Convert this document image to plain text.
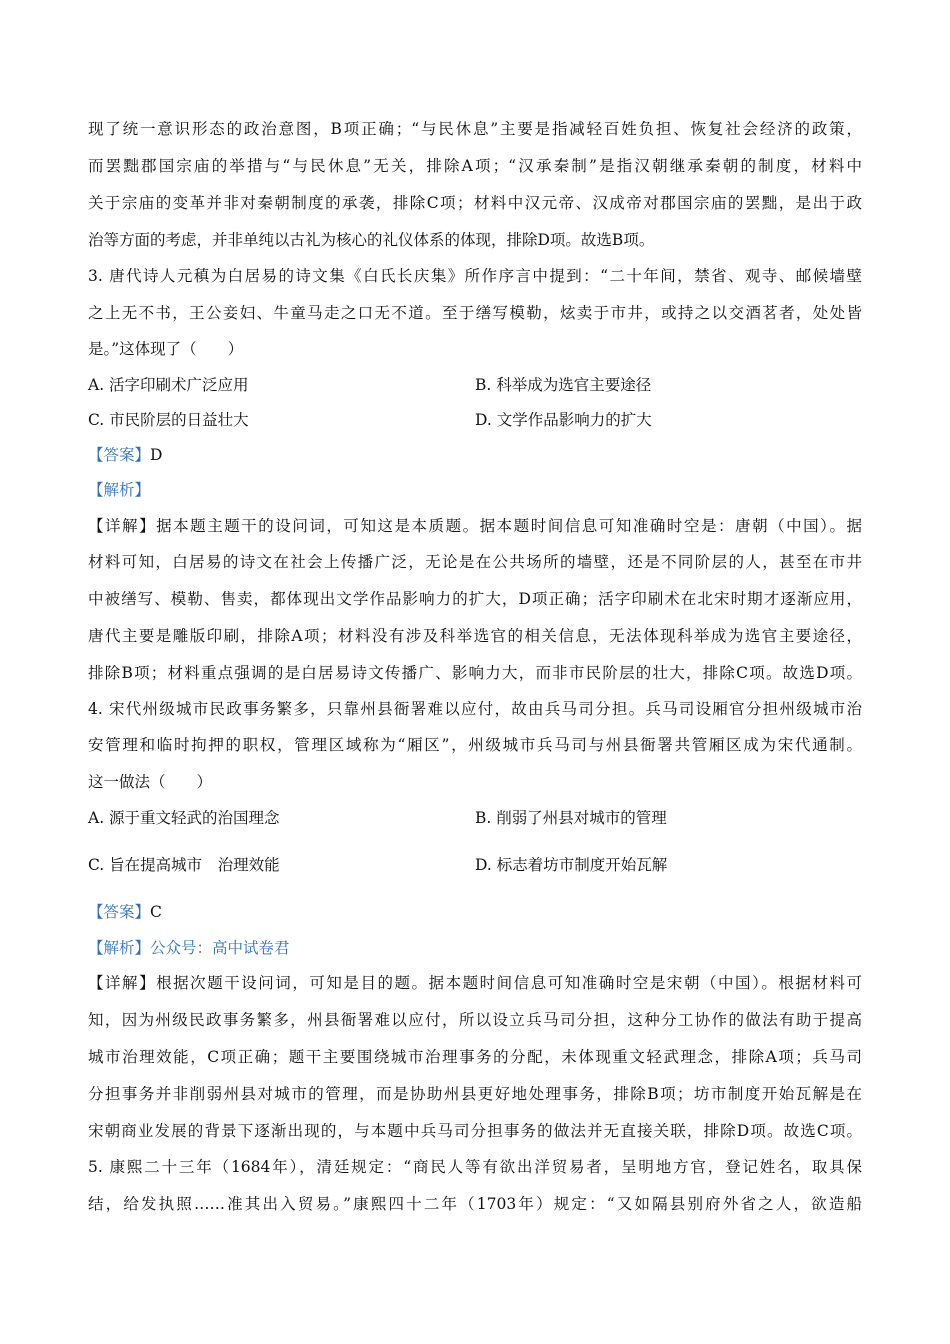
现了统一意识形态的政治意图，B项正确；“与民休息”主要是指减轻百姓负担、恢复社会经济的政策，
而罢黜郡国宗庙的举措与“与民休息”无关，排除A项；“汉承秦制”是指汉朝继承秦朝的制度，材料中
关于宗庙的变革并非对秦朝制度的承袭，排除C项；材料中汉元帝、汉成帝对郡国宗庙的罢黜，是出于政
治等方面的考虑，并非单纯以古礼为核心的礼仪体系的体现，排除D项。故选B项。
3. 唐代诗人元稹为白居易的诗文集《白氏长庆集》所作序言中提到：“二十年间，禁省、观寺、邮候墙壁
之上无不书，王公妾妇、牛童马走之口无不道。至于缮写模勒，炫卖于市井，或持之以交酒茗者，处处皆
是。”这体现了（　　）
A. 活字印刷术广泛应用	B. 科举成为选官主要途径
C. 市民阶层的日益壮大	D. 文学作品影响力的扩大
【答案】D
【解析】
【详解】据本题主题干的设问词，可知这是本质题。据本题时间信息可知准确时空是：唐朝（中国）。据
材料可知，白居易的诗文在社会上传播广泛，无论是在公共场所的墙壁，还是不同阶层的人，甚至在市井
中被缮写、模勒、售卖，都体现出文学作品影响力的扩大，D项正确；活字印刷术在北宋时期才逐渐应用，
唐代主要是雕版印刷，排除A项；材料没有涉及科举选官的相关信息，无法体现科举成为选官主要途径，
排除B项；材料重点强调的是白居易诗文传播广、影响力大，而非市民阶层的壮大，排除C项。故选D项。
4. 宋代州级城市民政事务繁多，只靠州县衙署难以应付，故由兵马司分担。兵马司设厢官分担州级城市治
安管理和临时拘押的职权，管理区域称为“厢区”，州级城市兵马司与州县衙署共管厢区成为宋代通制。
这一做法（　　）
A. 源于重文轻武的治国理念	B. 削弱了州县对城市的管理
C. 旨在提高城市　治理效能	D. 标志着坊市制度开始瓦解
【答案】C
【解析】公众号：高中试卷君
【详解】根据次题干设问词，可知是目的题。据本题时间信息可知准确时空是宋朝（中国）。根据材料可
知，因为州级民政事务繁多，州县衙署难以应付，所以设立兵马司分担，这种分工协作的做法有助于提高
城市治理效能，C项正确；题干主要围绕城市治理事务的分配，未体现重文轻武理念，排除A项；兵马司
分担事务并非削弱州县对城市的管理，而是协助州县更好地处理事务，排除B项；坊市制度开始瓦解是在
宋朝商业发展的背景下逐渐出现的，与本题中兵马司分担事务的做法并无直接关联，排除D项。故选C项。
5. 康熙二十三年（1684年），清廷规定：“商民人等有欲出洋贸易者，呈明地方官，登记姓名，取具保
结，给发执照……准其出入贸易。”康熙四十二年（1703年）规定：“又如隔县别府外省之人，欲造船
